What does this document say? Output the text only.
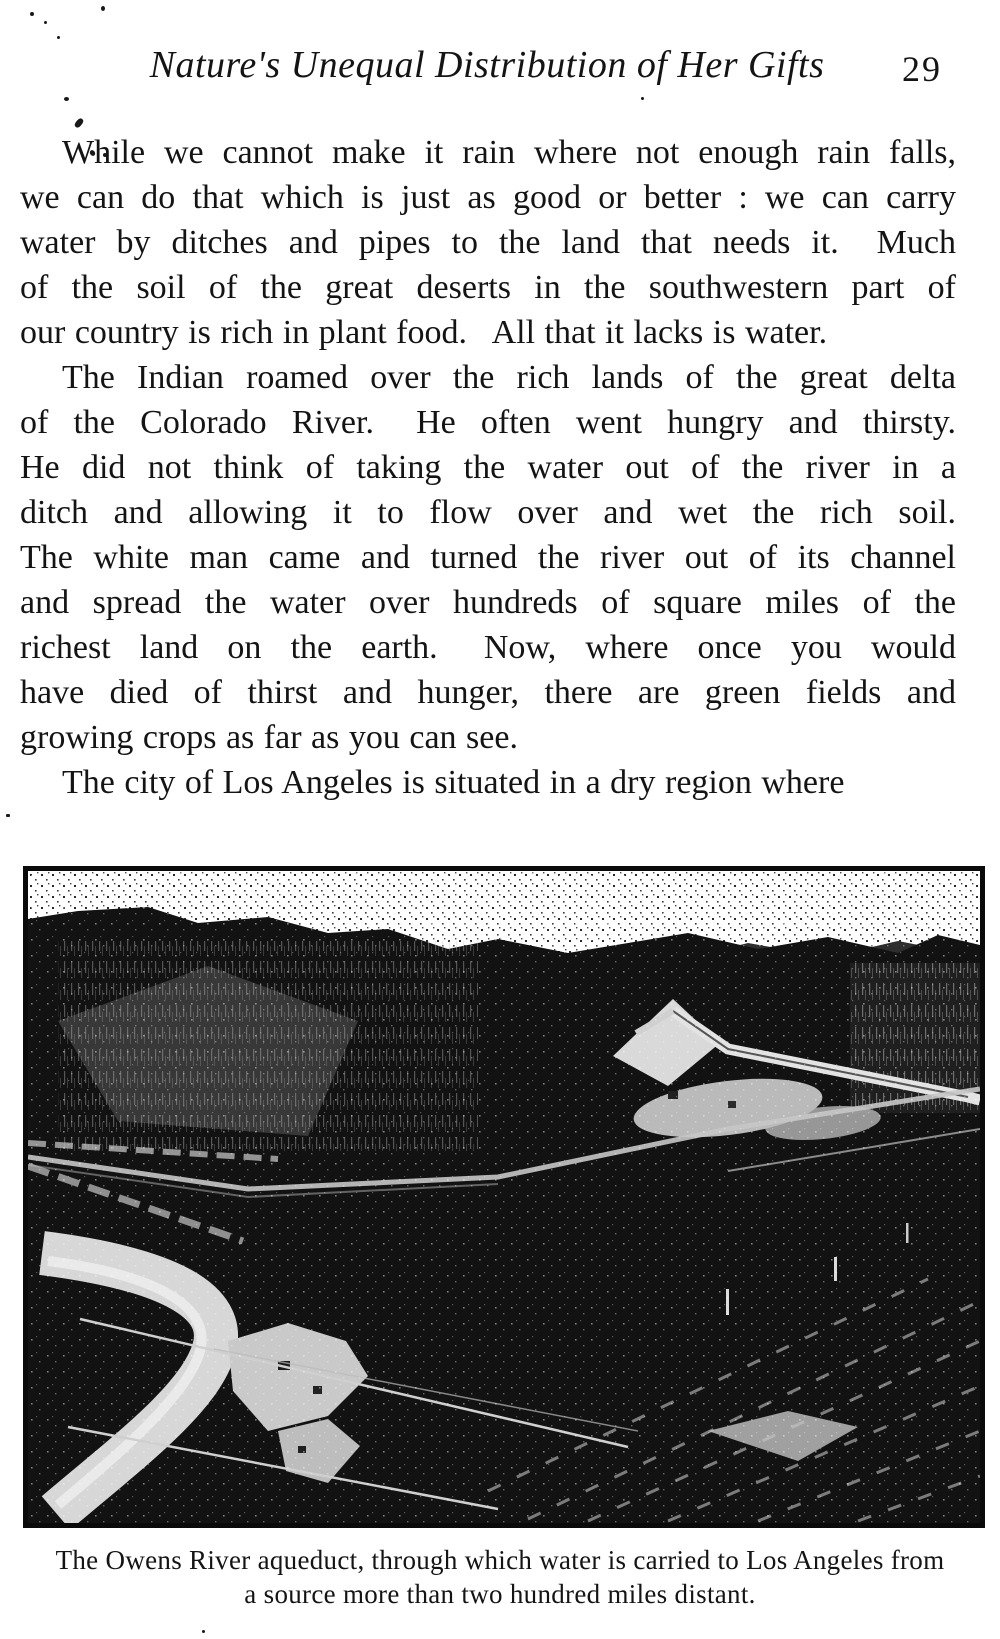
Nature's Unequal Distribution of Her Gifts	29
While we cannot make it rain where not enough rain falls,
we can do that which is just as good or better : we can carry
water by ditches and pipes to the land that needs it.  Much
of the soil of the great deserts in the southwestern part of
our country is rich in plant food.  All that it lacks is water.
The Indian roamed over the rich lands of the great delta
of the Colorado River.  He often went hungry and thirsty.
He did not think of taking the water out of the river in a
ditch and allowing it to flow over and wet the rich soil.
The white man came and turned the river out of its channel
and spread the water over hundreds of square miles of the
richest land on the earth.  Now, where once you would
have died of thirst and hunger, there are green fields and
growing crops as far as you can see.
The city of Los Angeles is situated in a dry region where
The Owens River aqueduct, through which water is carried to Los Angeles from
a source more than two hundred miles distant.
